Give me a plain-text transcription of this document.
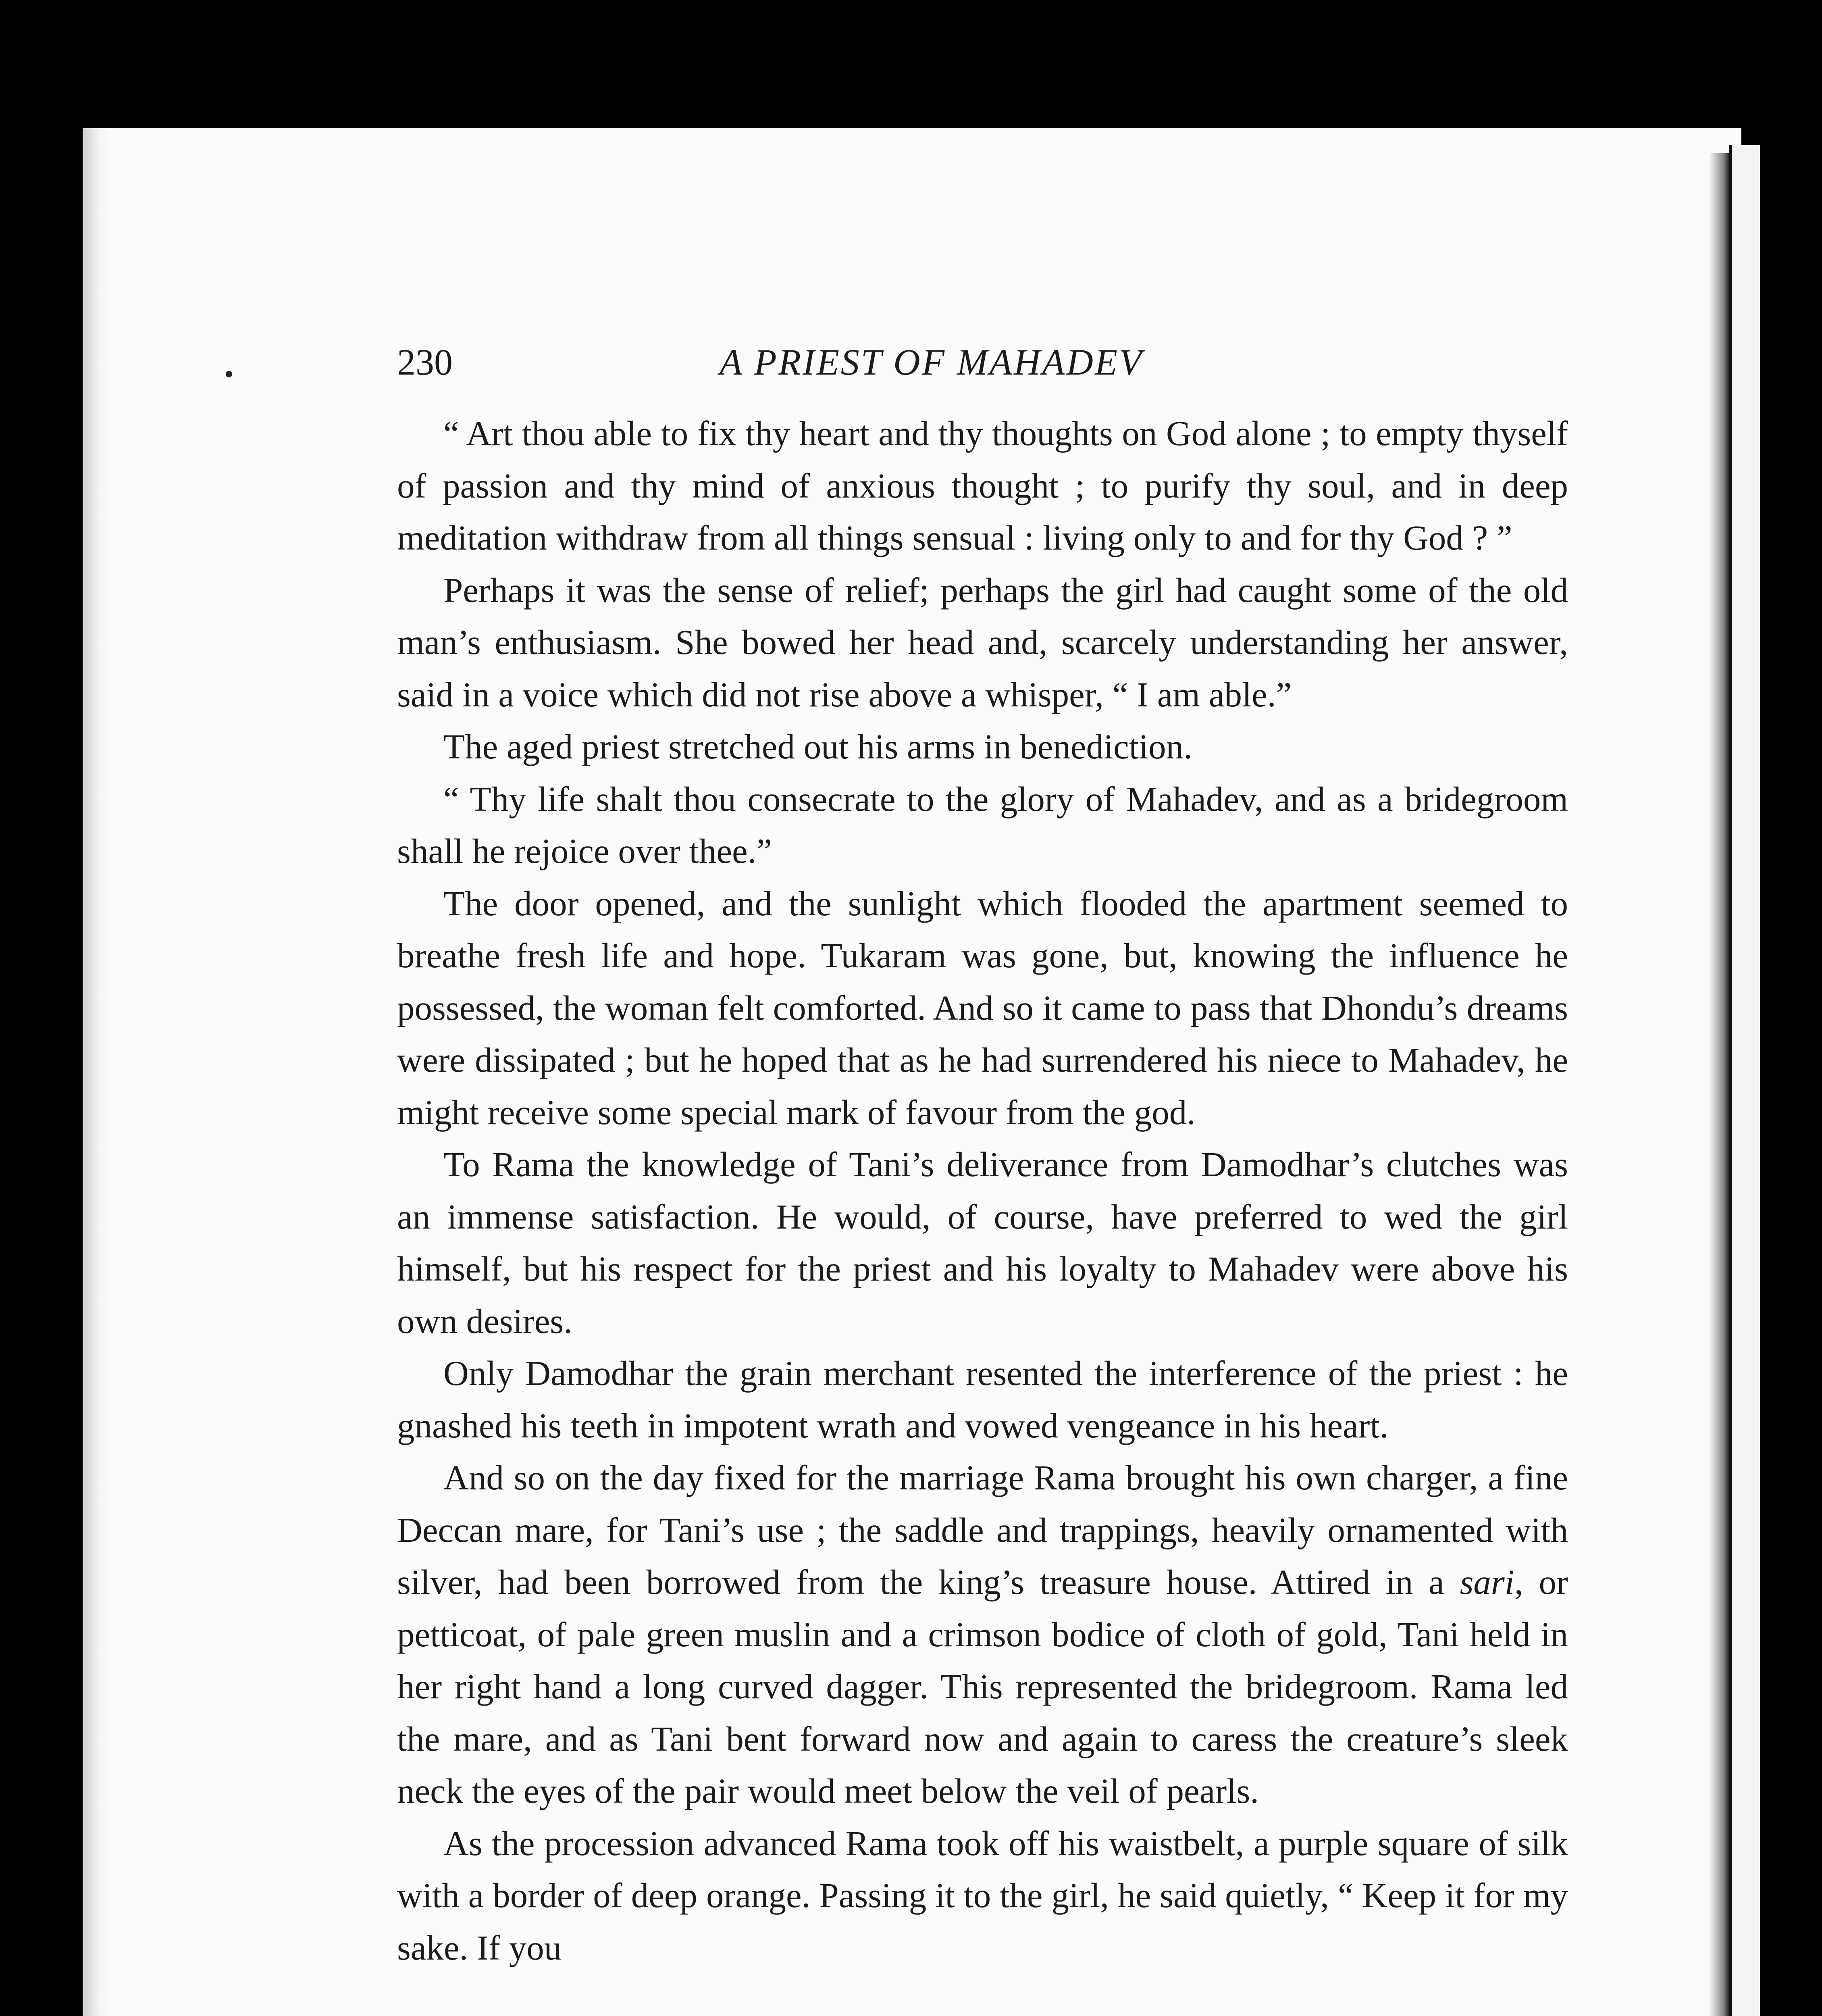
230	A PRIEST OF MAHADEV

“ Art thou able to fix thy heart and thy thoughts on God alone ; to empty thyself of passion and thy mind of anxious thought ; to purify thy soul, and in deep meditation withdraw from all things sensual : living only to and for thy God ? ”

Perhaps it was the sense of relief; perhaps the girl had caught some of the old man’s enthusiasm. She bowed her head and, scarcely understanding her answer, said in a voice which did not rise above a whisper, “ I am able.”

The aged priest stretched out his arms in benediction.

“ Thy life shalt thou consecrate to the glory of Mahadev, and as a bridegroom shall he rejoice over thee.”

The door opened, and the sunlight which flooded the apartment seemed to breathe fresh life and hope. Tukaram was gone, but, knowing the influence he possessed, the woman felt comforted. And so it came to pass that Dhondu’s dreams were dissipated ; but he hoped that as he had surrendered his niece to Mahadev, he might receive some special mark of favour from the god.

To Rama the knowledge of Tani’s deliverance from Damodhar’s clutches was an immense satisfaction. He would, of course, have preferred to wed the girl himself, but his respect for the priest and his loyalty to Mahadev were above his own desires.

Only Damodhar the grain merchant resented the interference of the priest : he gnashed his teeth in impotent wrath and vowed vengeance in his heart.

And so on the day fixed for the marriage Rama brought his own charger, a fine Deccan mare, for Tani’s use ; the saddle and trappings, heavily ornamented with silver, had been borrowed from the king’s treasure house. Attired in a sari, or petticoat, of pale green muslin and a crimson bodice of cloth of gold, Tani held in her right hand a long curved dagger. This represented the bridegroom. Rama led the mare, and as Tani bent forward now and again to caress the creature’s sleek neck the eyes of the pair would meet below the veil of pearls.

As the procession advanced Rama took off his waistbelt, a purple square of silk with a border of deep orange. Passing it to the girl, he said quietly, “ Keep it for my sake. If you
